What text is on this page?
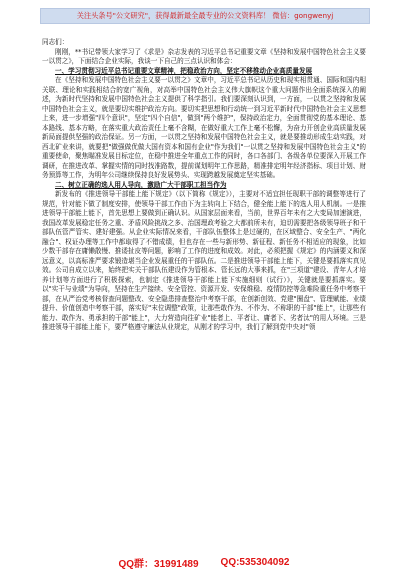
关注头条号"公文研究"，获得最新最全最专业的公文资料库！ 微信：gongwenyj

同志们：

刚刚，**书记带领大家学习了《求是》杂志发表的习近平总书记重要文章《坚持和发展中国特色社会主义要一以贯之》，下面结合企业实际，我谈一下自己的三点认识和体会：

一、学习贯彻习近平总书记重要文章精神，把稳政治方向，坚定不移推动企业高质量发展

在《坚持和发展中国特色社会主义要一以贯之》文章中，习近平总书记从历史和现实相贯通、国际和国内相关联、理论和实践相结合的宽广视角，对高举中国特色社会主义伟大旗帜这个重大问题作出全面系统深入的阐述，为新时代坚持和发展中国特色社会主义提供了科学指引。我们要深刻认识到，一方面，一以贯之坚持和发展中国特色社会主义，就是要切实维护政治方向。要切实把思想和行动统一到习近平新时代中国特色社会主义思想上来，进一步增强"四个意识"，坚定"四个自信"，做到"两个维护"，保持政治定力，全面贯彻党的基本理论、基本路线、基本方略，在落实重大政治责任上毫不含糊，在做好重大工作上毫不松懈，为奋力开创企业高质量发展新局面提供坚强的政治保证。另一方面，一以贯之坚持和发展中国特色社会主义，就是要推动形成生动实践，对西北矿业来讲，就要把"做强做优做大国有资本和国有企业"作为我们"一以贯之坚持和发展中国特色社会主义"的重要使命，聚焦瞄准发展目标定位，在稳中推进全年重点工作的同时，各口各部门、各级各单位要深入开展工作调研，在推进改革、掌握实情的同时找准路数，提前谋划明年工作思路，精准排定明年经济指标、项目计划、财务预算等工作，为明年公司继续保持良好发展势头、实现跨越发展奠定坚实基础。

二、树立正确的选人用人导向，激励广大干部职工担当作为

新发布的《推进领导干部能上能下规定》（以下简称《规定》），主要对不适宜担任现职干部的调整等进行了规范，针对能下做了制度安排，使领导干部工作由下为主转向上下结合，健全能上能下的选人用人机制。一是推进领导干部能上能下，首先思想上要做到正确认识。从国家层面来看，当前，世界百年未有之大变局加速演进，我国改革发展稳定任务之重、矛盾风险挑战之多、治国理政考验之大都前所未有，迫切需要把各级领导班子和干部队伍管严管实、建好建强。从企业实际情况来看，干部队伍整体上是过硬的，在区域整合、安全生产、"两化融合"、权证办理等工作中都取得了不错成绩，但也存在一些与新形势、新征程、新任务不相适应的现象，比如少数干部存在庸懒散慢、推诿扯皮等问题，影响了工作的进度和成效。对此，必须把握《规定》的内涵要义和深远意义，以高标准严要求锻造堪当企业发展重任的干部队伍。二是推进领导干部能上能下，关键是要抓落实真见效。公司自成立以来，始终把实关干部队伍建设作为管根本、管长远的大事来抓，在"三项道"建设、青年人才培养计划等方面进行了积极探索，也制定《推进领导干部能上能下实施细则（试行）》，关键就是要抓落实。要以"实干与业绩"为导向，坚持在生产接续、安全管控、资源开发、安保维稳、疫情防控等急难险重任务中考察干部，在从严治党考核督查问题整改、安全隐患排查整治中考察干部，在创新创效、党建"圈盘"、管理赋能、业绩提升、价值创造中考察干部，落实好"末位调整"政策，让那些敢作为、不作为、不称职的干部"能上"，让那些有能力、敢作为、勇承担的干部"能上"，大力营造向往矿业"能者上、平者让、庸者下、劣者汰"的用人环境。三是推进领导干部能上能下，要严格遵守廉法从业规定，从刚才的学习中，我们了解到党中央对"领

QQ群：31991489 QQ:535304092
